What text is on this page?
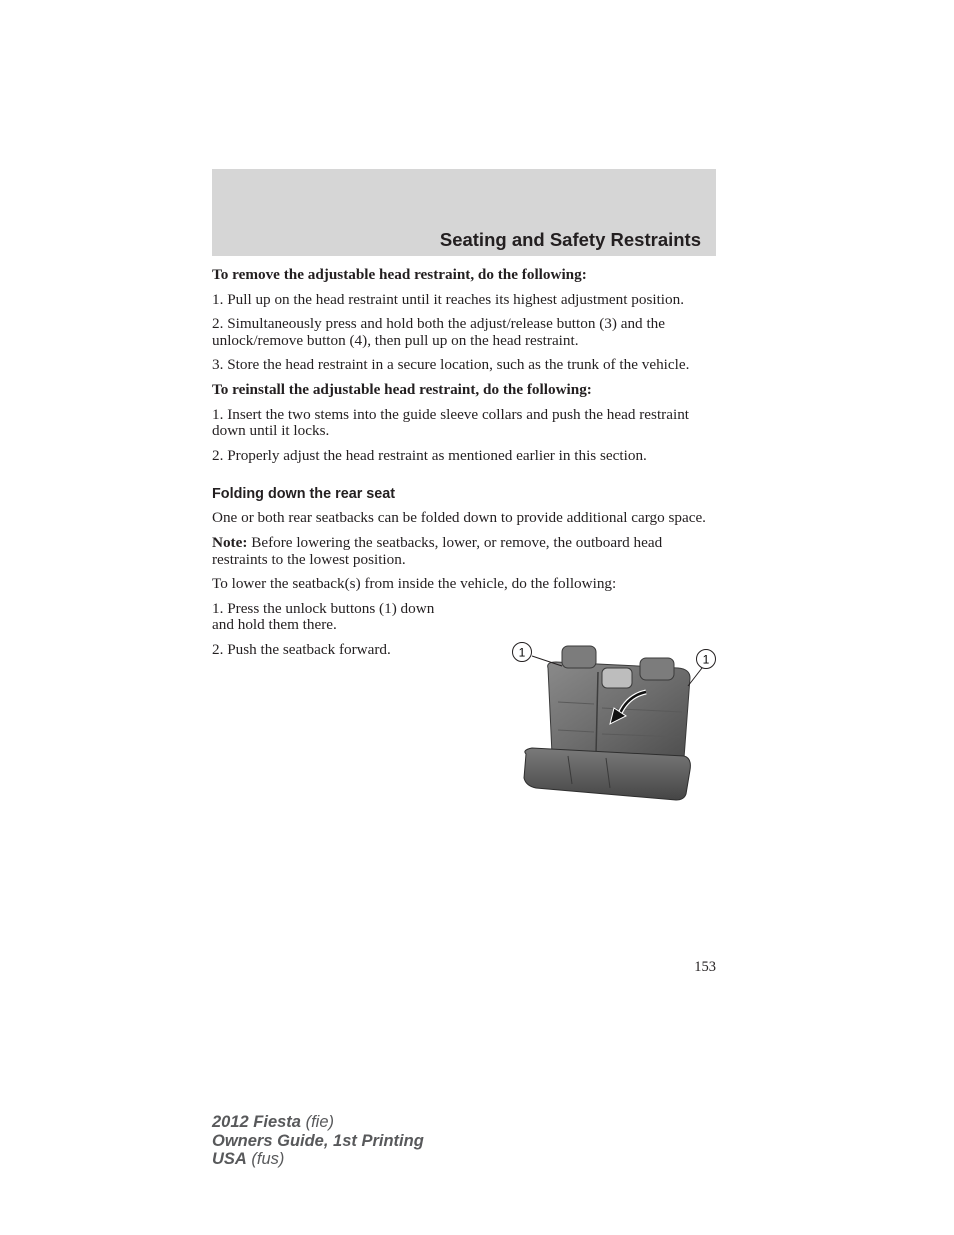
Seating and Safety Restraints

To remove the adjustable head restraint, do the following:

1. Pull up on the head restraint until it reaches its highest adjustment position.

2. Simultaneously press and hold both the adjust/release button (3) and the unlock/remove button (4), then pull up on the head restraint.

3. Store the head restraint in a secure location, such as the trunk of the vehicle.

To reinstall the adjustable head restraint, do the following:

1. Insert the two stems into the guide sleeve collars and push the head restraint down until it locks.

2. Properly adjust the head restraint as mentioned earlier in this section.

Folding down the rear seat

One or both rear seatbacks can be folded down to provide additional cargo space.

Note: Before lowering the seatbacks, lower, or remove, the outboard head restraints to the lowest position.

To lower the seatback(s) from inside the vehicle, do the following:

1. Press the unlock buttons (1) down and hold them there.

2. Push the seatback forward.	1	1
153
2012 Fiesta (fie)
Owners Guide, 1st Printing
USA (fus)
